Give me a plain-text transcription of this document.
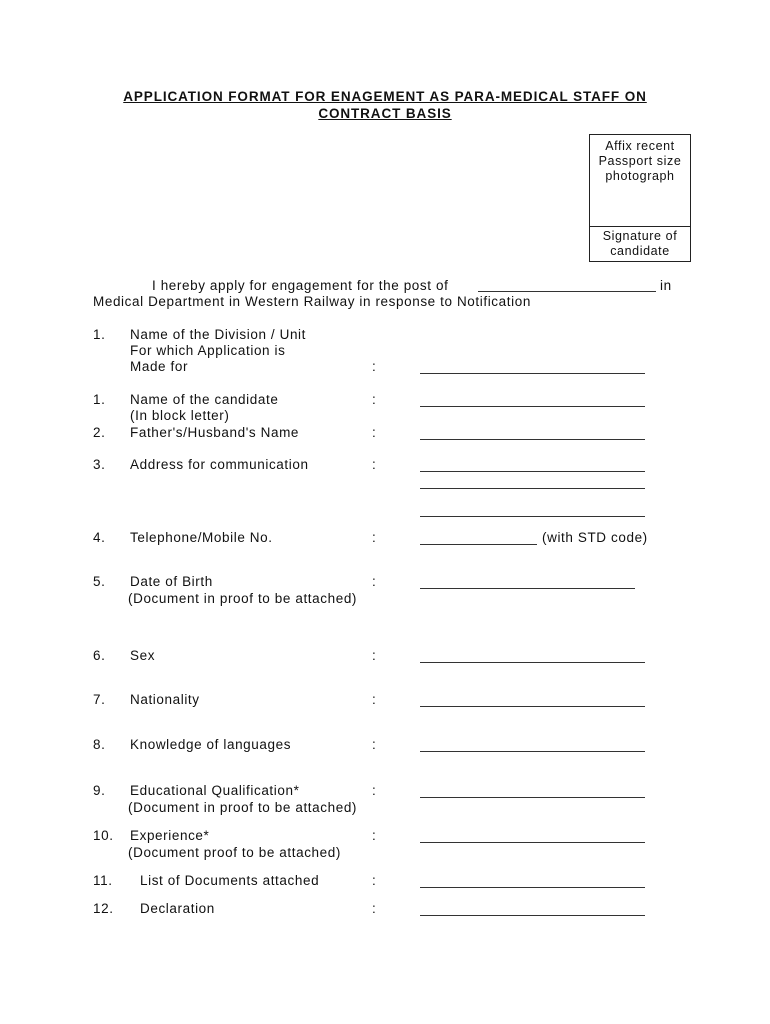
APPLICATION FORMAT FOR ENAGEMENT AS PARA-MEDICAL STAFF ON
CONTRACT BASIS
Affix recent
Passport size
photograph
Signature of
candidate
I hereby apply for engagement for the post of	in
Medical Department in Western Railway in response to Notification
1. Name of the Division / Unit
For which Application is
Made for	:
1. Name of the candidate
(In block letter)
:
2. Father's/Husband's Name	:
3. Address for communication	:
4. Telephone/Mobile No.	:	(with STD code)
5. Date of Birth
(Document in proof to be attached)
:
6. Sex	:
7. Nationality	:
8. Knowledge of languages	:
9. Educational Qualification*
(Document in proof to be attached)
:
10. Experience*
(Document proof to be attached)
:
11. List of Documents attached	:
12. Declaration	:
